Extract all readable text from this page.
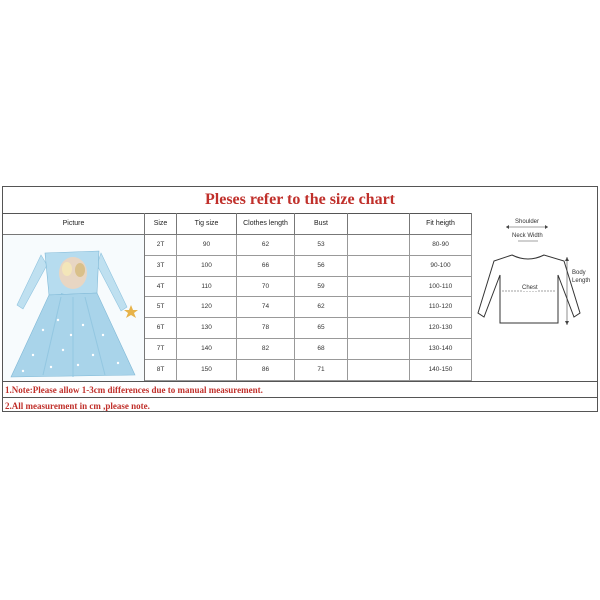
Pleses refer to the size chart
Picture	Size	Tig size	Clothes length	Bust	Fit heigth
2T	90	62	53	80-90
3T	100	66	56	90-100
4T	110	70	59	100-110
5T	120	74	62	110-120
6T	130	78	65	120-130
7T	140	82	68	130-140
8T	150	86	71	140-150
Shoulder
Neck Width
Body Length
Chest
1.Note:Please allow 1-3cm differences due to manual measurement.
2.All measurement in cm ,please note.
